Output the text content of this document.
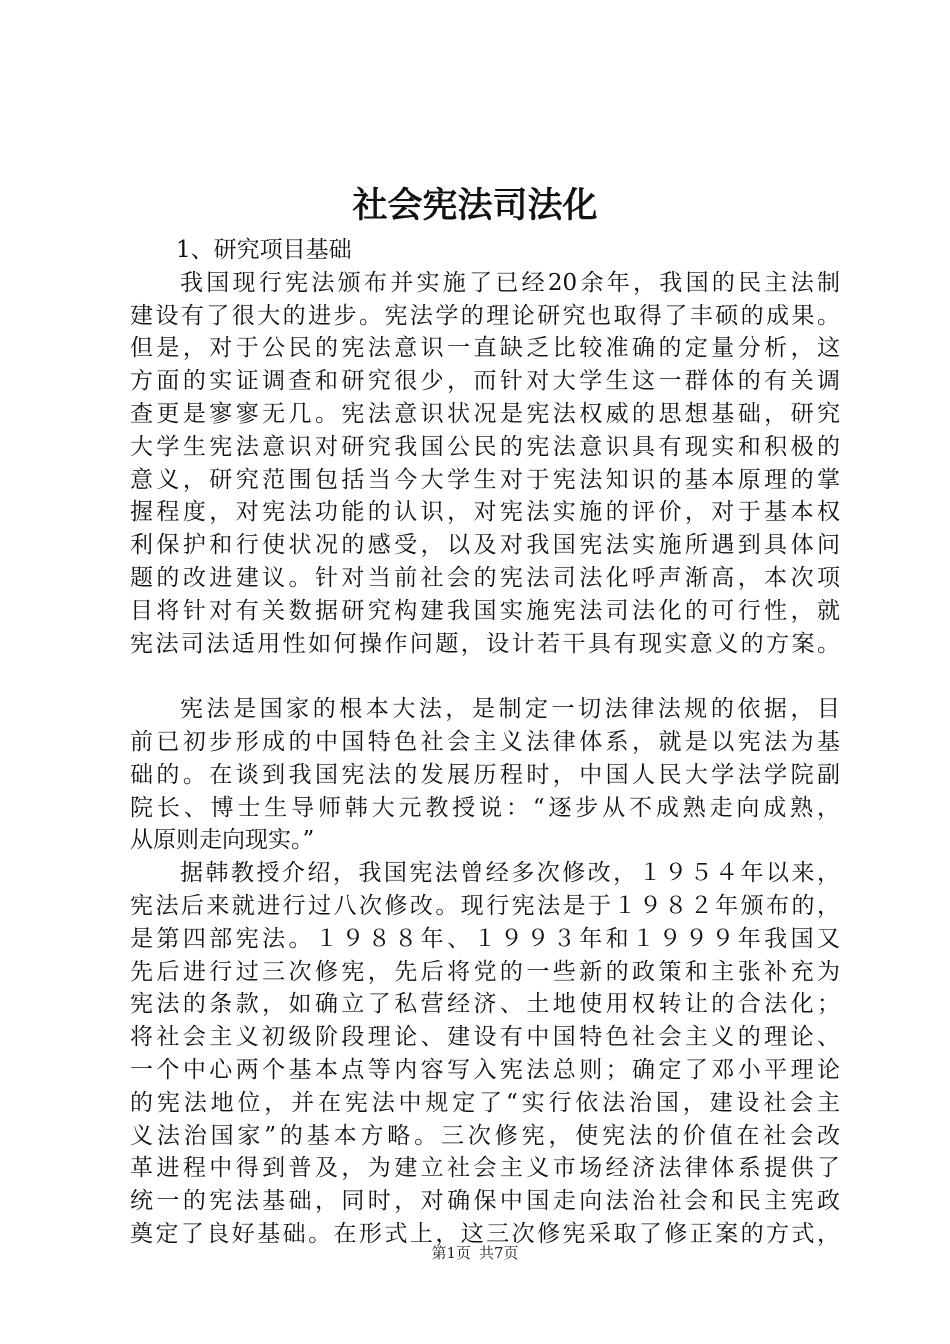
社会宪法司法化
1、研究项目基础
我国现行宪法颁布并实施了已经20余年，我国的民主法制
建设有了很大的进步。宪法学的理论研究也取得了丰硕的成果。
但是，对于公民的宪法意识一直缺乏比较准确的定量分析，这
方面的实证调查和研究很少，而针对大学生这一群体的有关调
查更是寥寥无几。宪法意识状况是宪法权威的思想基础，研究
大学生宪法意识对研究我国公民的宪法意识具有现实和积极的
意义，研究范围包括当今大学生对于宪法知识的基本原理的掌
握程度，对宪法功能的认识，对宪法实施的评价，对于基本权
利保护和行使状况的感受，以及对我国宪法实施所遇到具体问
题的改进建议。针对当前社会的宪法司法化呼声渐高，本次项
目将针对有关数据研究构建我国实施宪法司法化的可行性，就
宪法司法适用性如何操作问题，设计若干具有现实意义的方案。
宪法是国家的根本大法，是制定一切法律法规的依据，目
前已初步形成的中国特色社会主义法律体系，就是以宪法为基
础的。在谈到我国宪法的发展历程时，中国人民大学法学院副
院长、博士生导师韩大元教授说：“逐步从不成熟走向成熟，
从原则走向现实。”
据韩教授介绍，我国宪法曾经多次修改，１９５４年以来，
宪法后来就进行过八次修改。现行宪法是于１９８２年颁布的，
是第四部宪法。１９８８年、１９９３年和１９９９年我国又
先后进行过三次修宪，先后将党的一些新的政策和主张补充为
宪法的条款，如确立了私营经济、土地使用权转让的合法化；
将社会主义初级阶段理论、建设有中国特色社会主义的理论、
一个中心两个基本点等内容写入宪法总则；确定了邓小平理论
的宪法地位，并在宪法中规定了“实行依法治国，建设社会主
义法治国家”的基本方略。三次修宪，使宪法的价值在社会改
革进程中得到普及，为建立社会主义市场经济法律体系提供了
统一的宪法基础，同时，对确保中国走向法治社会和民主宪政
奠定了良好基础。在形式上，这三次修宪采取了修正案的方式，
第1页 共7页
